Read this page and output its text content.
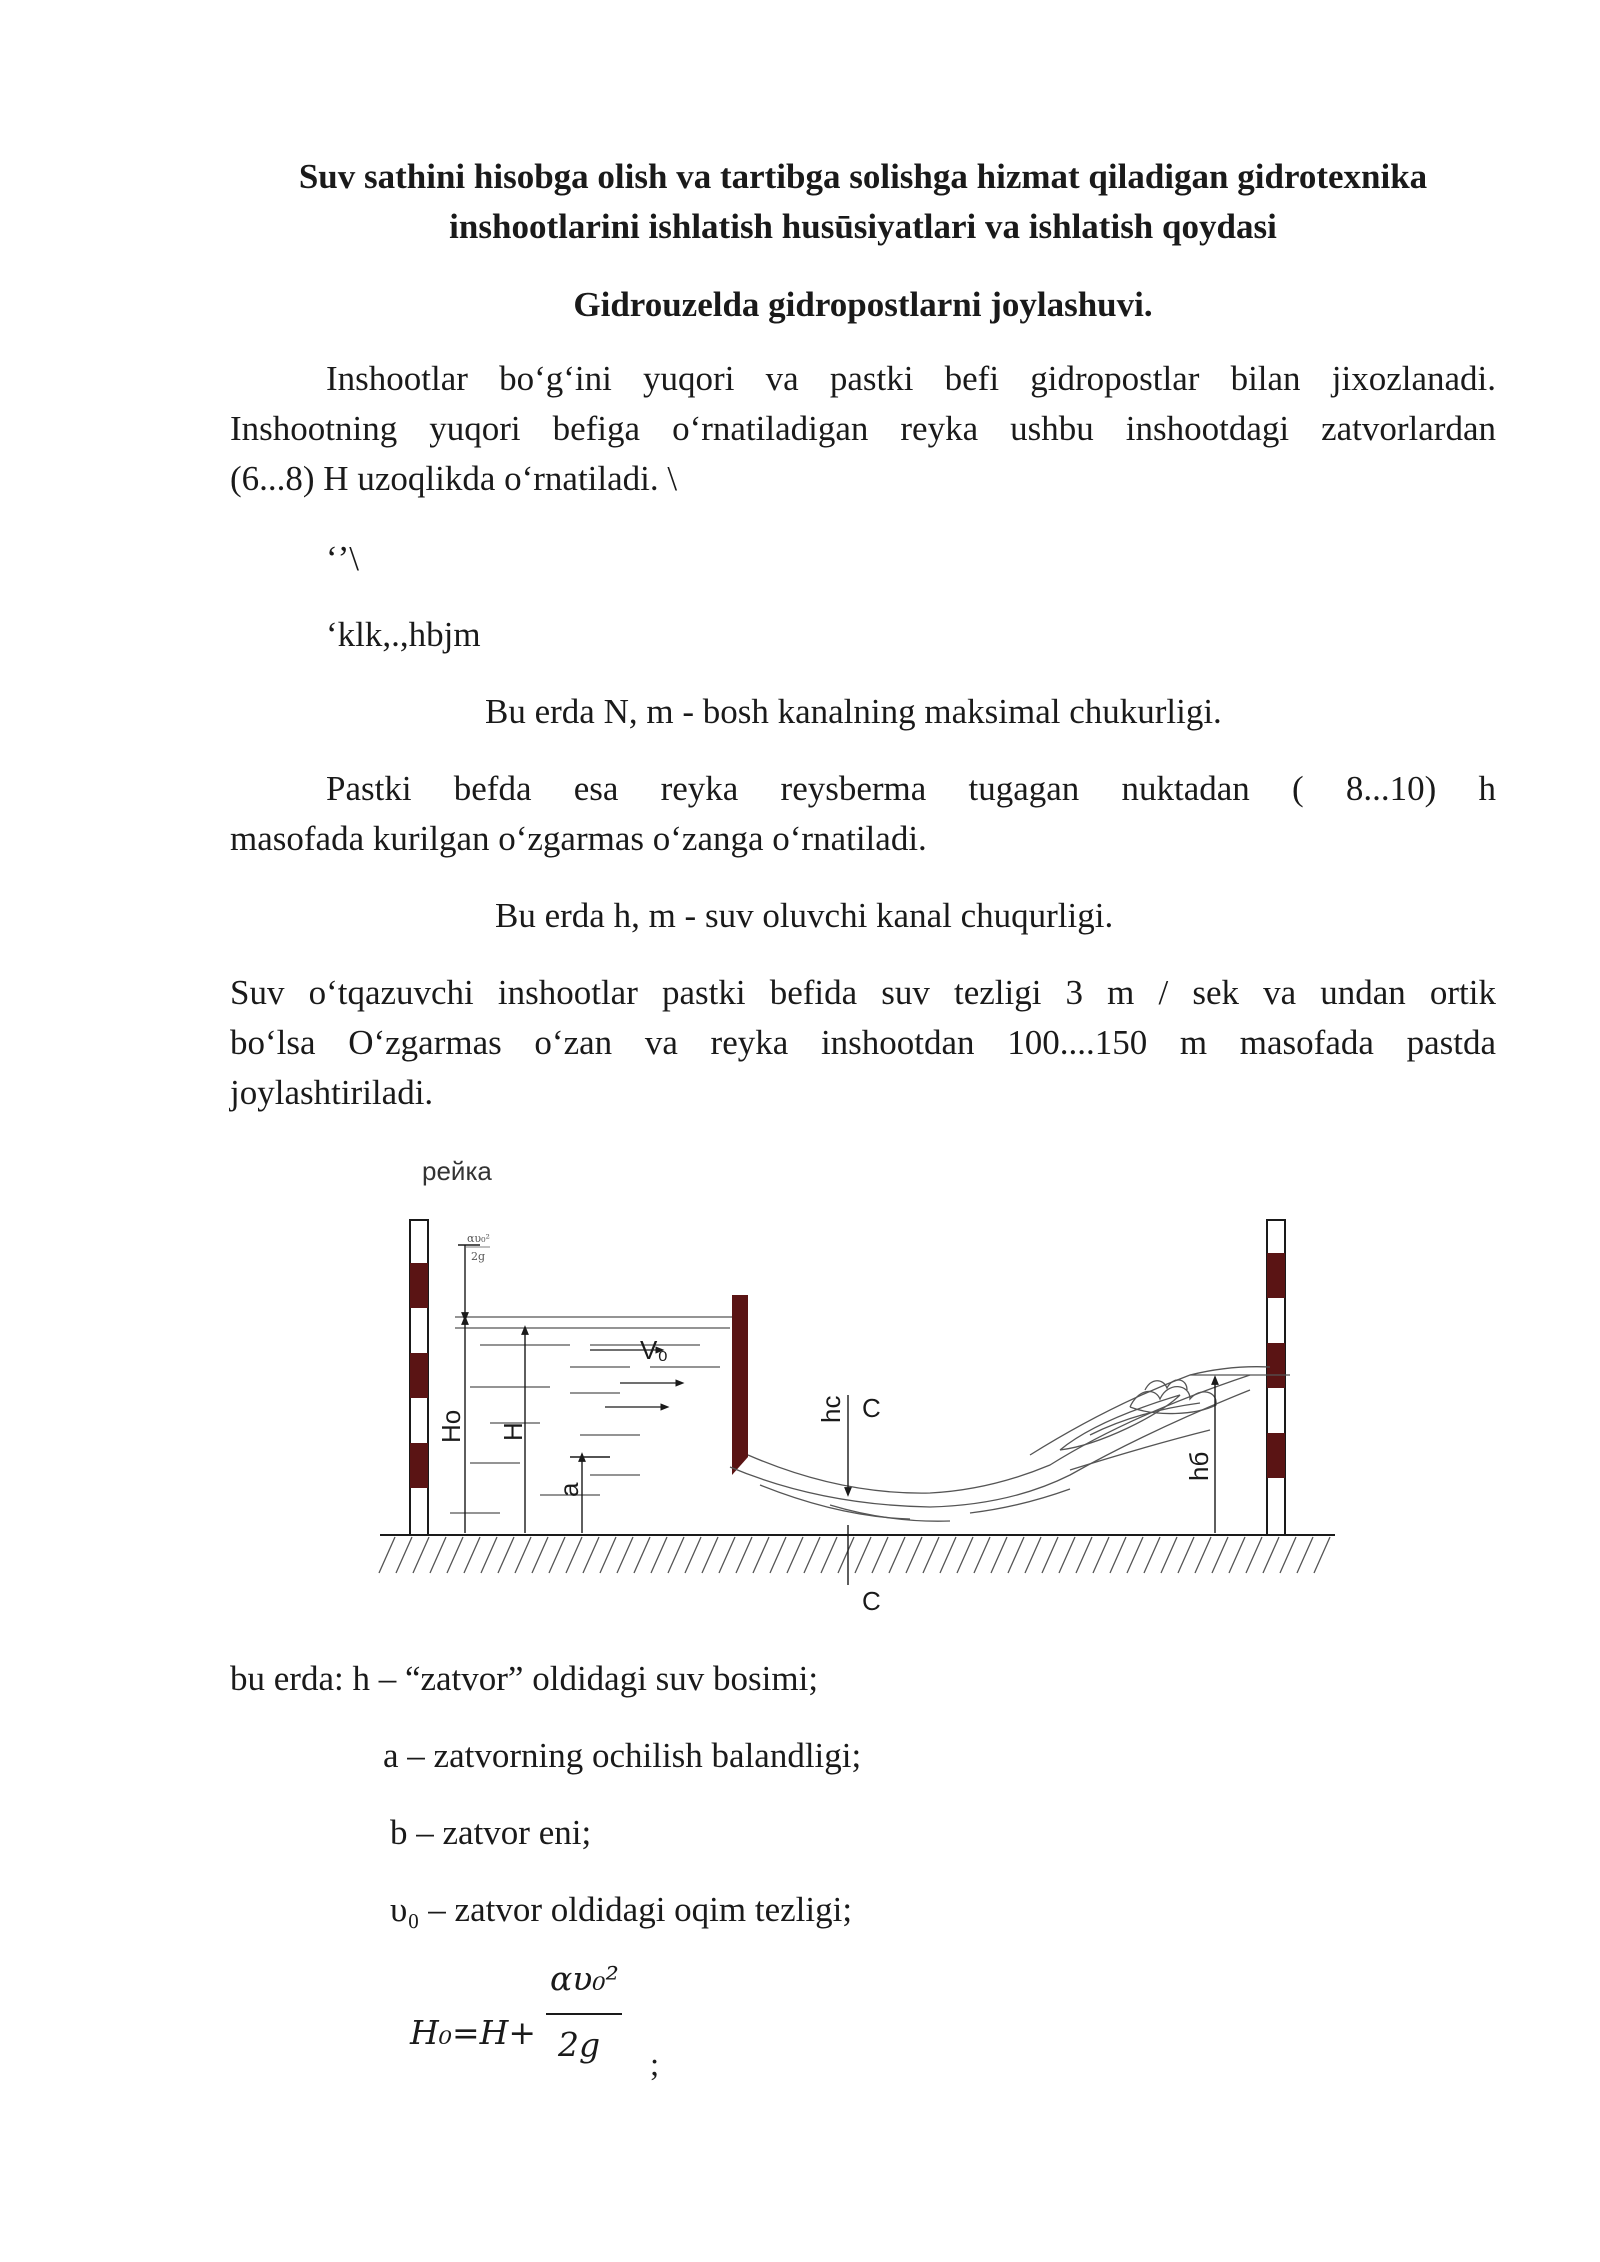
Suv sathini hisobga olish va tartibga solishga hizmat qiladigan gidrotexnika
inshootlarini ishlatish husūsiyatlari va ishlatish qoydasi
Gidrouzelda gidropostlarni joylashuvi.
Inshootlar bo‘g‘ini yuqori va pastki befi gidropostlar bilan jixozlanadi.
Inshootning yuqori befiga o‘rnatiladigan reyka ushbu inshootdagi zatvorlardan
(6...8) H uzoqlikda o‘rnatiladi. \
‘’\
‘klk,.,hbjm
Bu erda N, m - bosh kanalning maksimal chukurligi.
Pastki befda esa reyka reysberma tugagan nuktadan ( 8...10) h
masofada kurilgan o‘zgarmas o‘zanga o‘rnatiladi.
Bu erda h, m - suv oluvchi kanal chuqurligi.
Suv o‘tqazuvchi inshootlar pastki befida suv tezligi 3 m / sek va undan ortik
bo‘lsa O‘zgarmas o‘zan va reyka inshootdan 100....150 m masofada pastda
joylashtiriladi.
рейка
αυ₀²
2g
Ho H
a
V₀
hc C
C
hб
bu erda: h – “zatvor” oldidagi suv bosimi;
a – zatvorning ochilish balandligi;
b – zatvor eni;
υ₀ – zatvor oldidagi oqim tezligi;
H₀=H+
αυ₀²
2g
;
